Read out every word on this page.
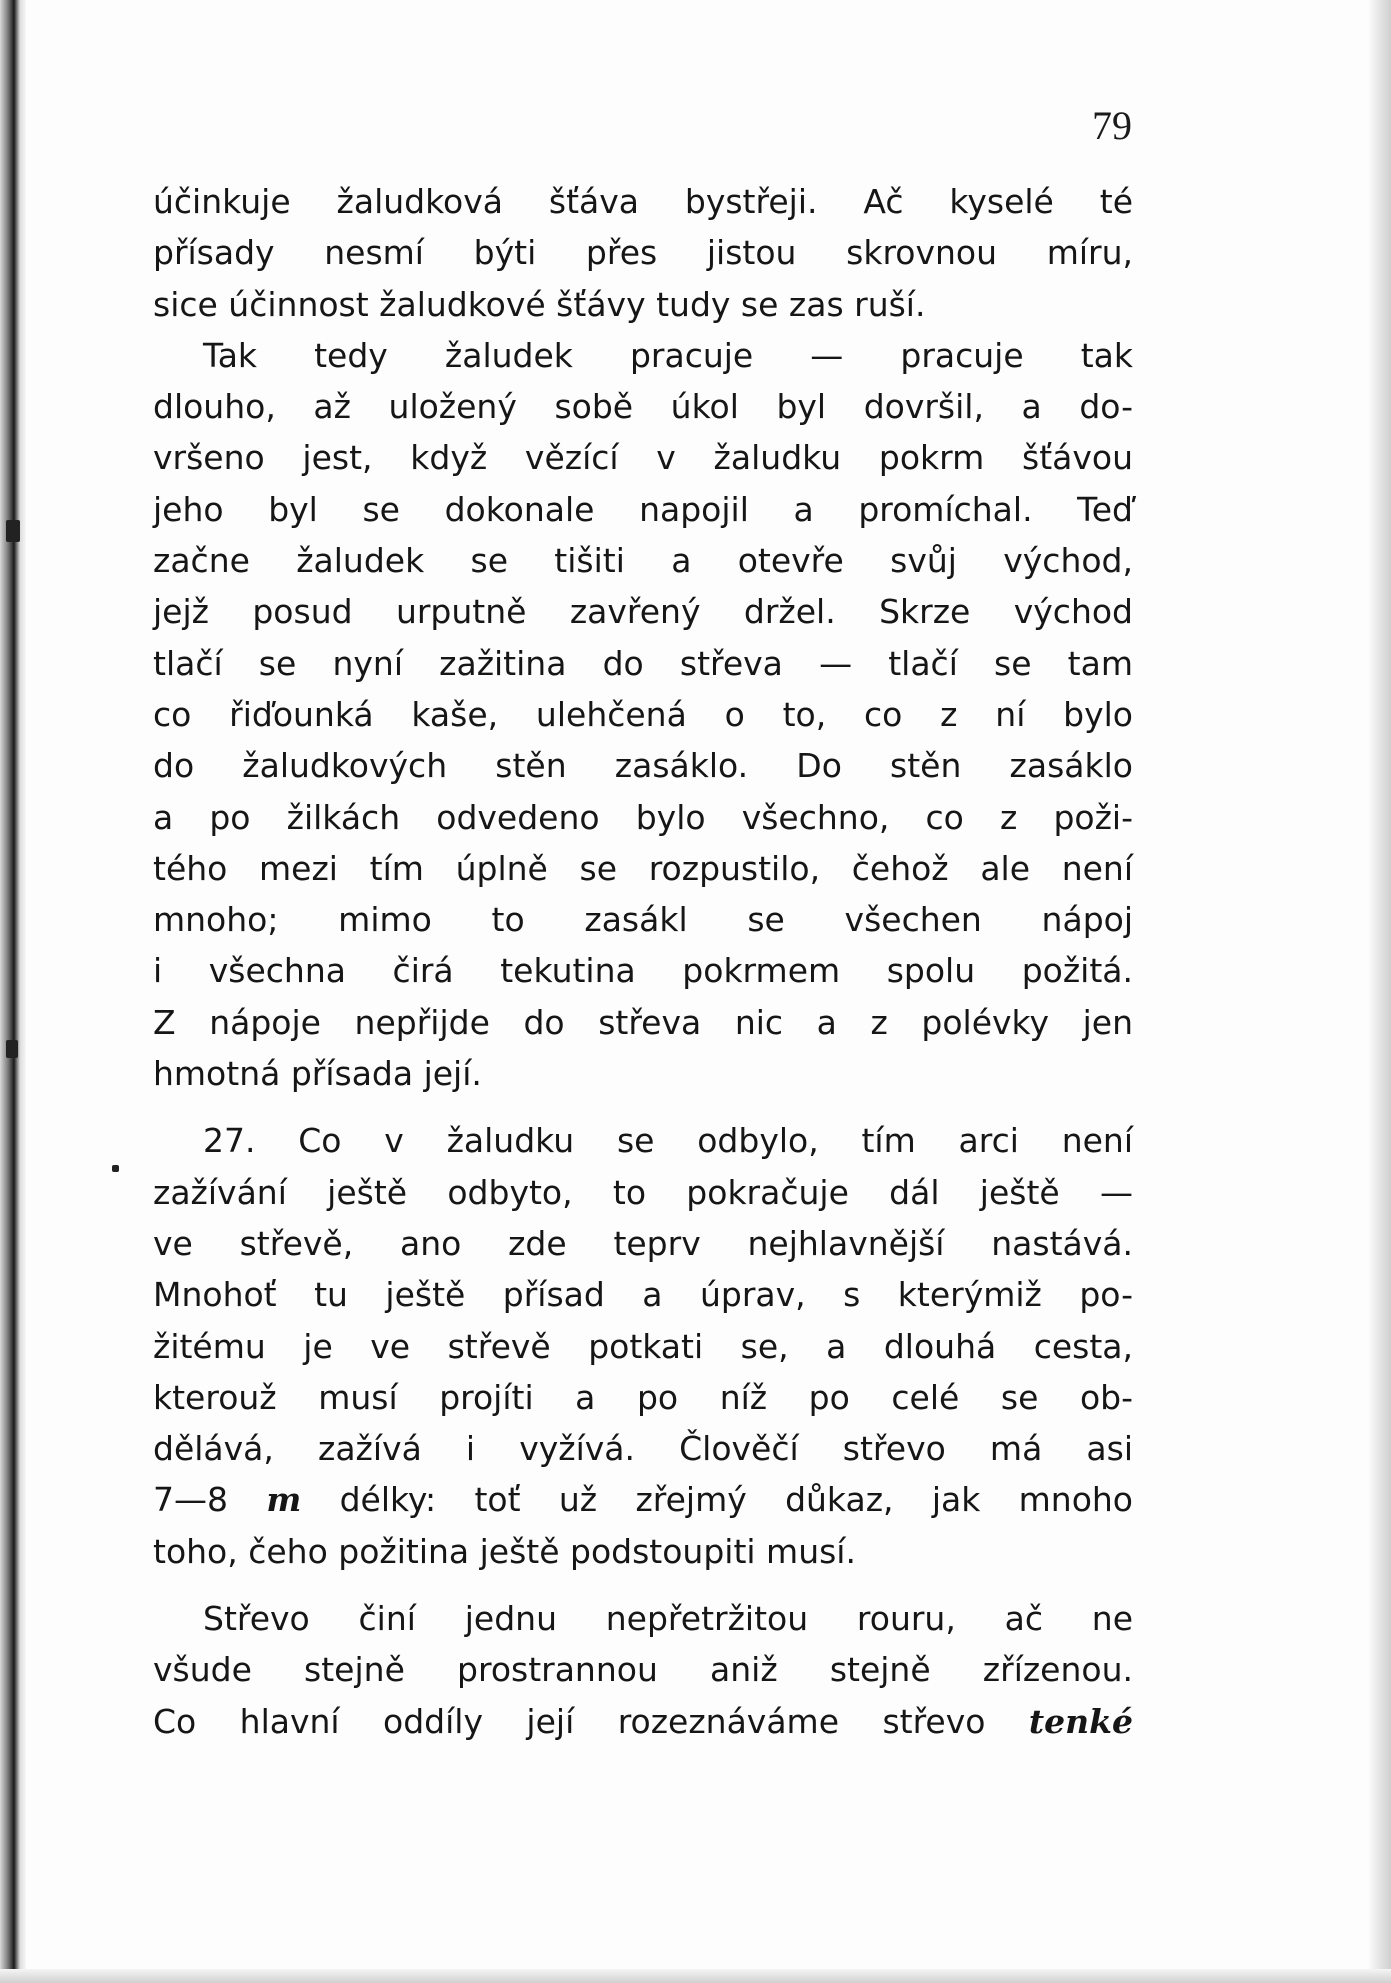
79
účinkuje žaludková šťáva bystřeji. Ač kyselé té
přísady nesmí býti přes jistou skrovnou míru,
sice účinnost žaludkové šťávy tudy se zas ruší.
Tak tedy žaludek pracuje — pracuje tak
dlouho, až uložený sobě úkol byl dovršil, a do-
vršeno jest, když vězící v žaludku pokrm šťávou
jeho byl se dokonale napojil a promíchal. Teď
začne žaludek se tišiti a otevře svůj východ,
jejž posud urputně zavřený držel. Skrze východ
tlačí se nyní zažitina do střeva — tlačí se tam
co řiďounká kaše, ulehčená o to, co z ní bylo
do žaludkových stěn zasáklo. Do stěn zasáklo
a po žilkách odvedeno bylo všechno, co z poži-
tého mezi tím úplně se rozpustilo, čehož ale není
mnoho; mimo to zasákl se všechen nápoj
i všechna čirá tekutina pokrmem spolu požitá.
Z nápoje nepřijde do střeva nic a z polévky jen
hmotná přísada její.
27. Co v žaludku se odbylo, tím arci není
zažívání ještě odbyto, to pokračuje dál ještě —
ve střevě, ano zde teprv nejhlavnější nastává.
Mnohoť tu ještě přísad a úprav, s kterýmiž po-
žitému je ve střevě potkati se, a dlouhá cesta,
kterouž musí projíti a po níž po celé se ob-
dělává, zažívá i vyžívá. Člověčí střevo má asi
7—8 m délky: toť už zřejmý důkaz, jak mnoho
toho, čeho požitina ještě podstoupiti musí.
Střevo činí jednu nepřetržitou rouru, ač ne
všude stejně prostrannou aniž stejně zřízenou.
Co hlavní oddíly její rozeznáváme střevo tenké
